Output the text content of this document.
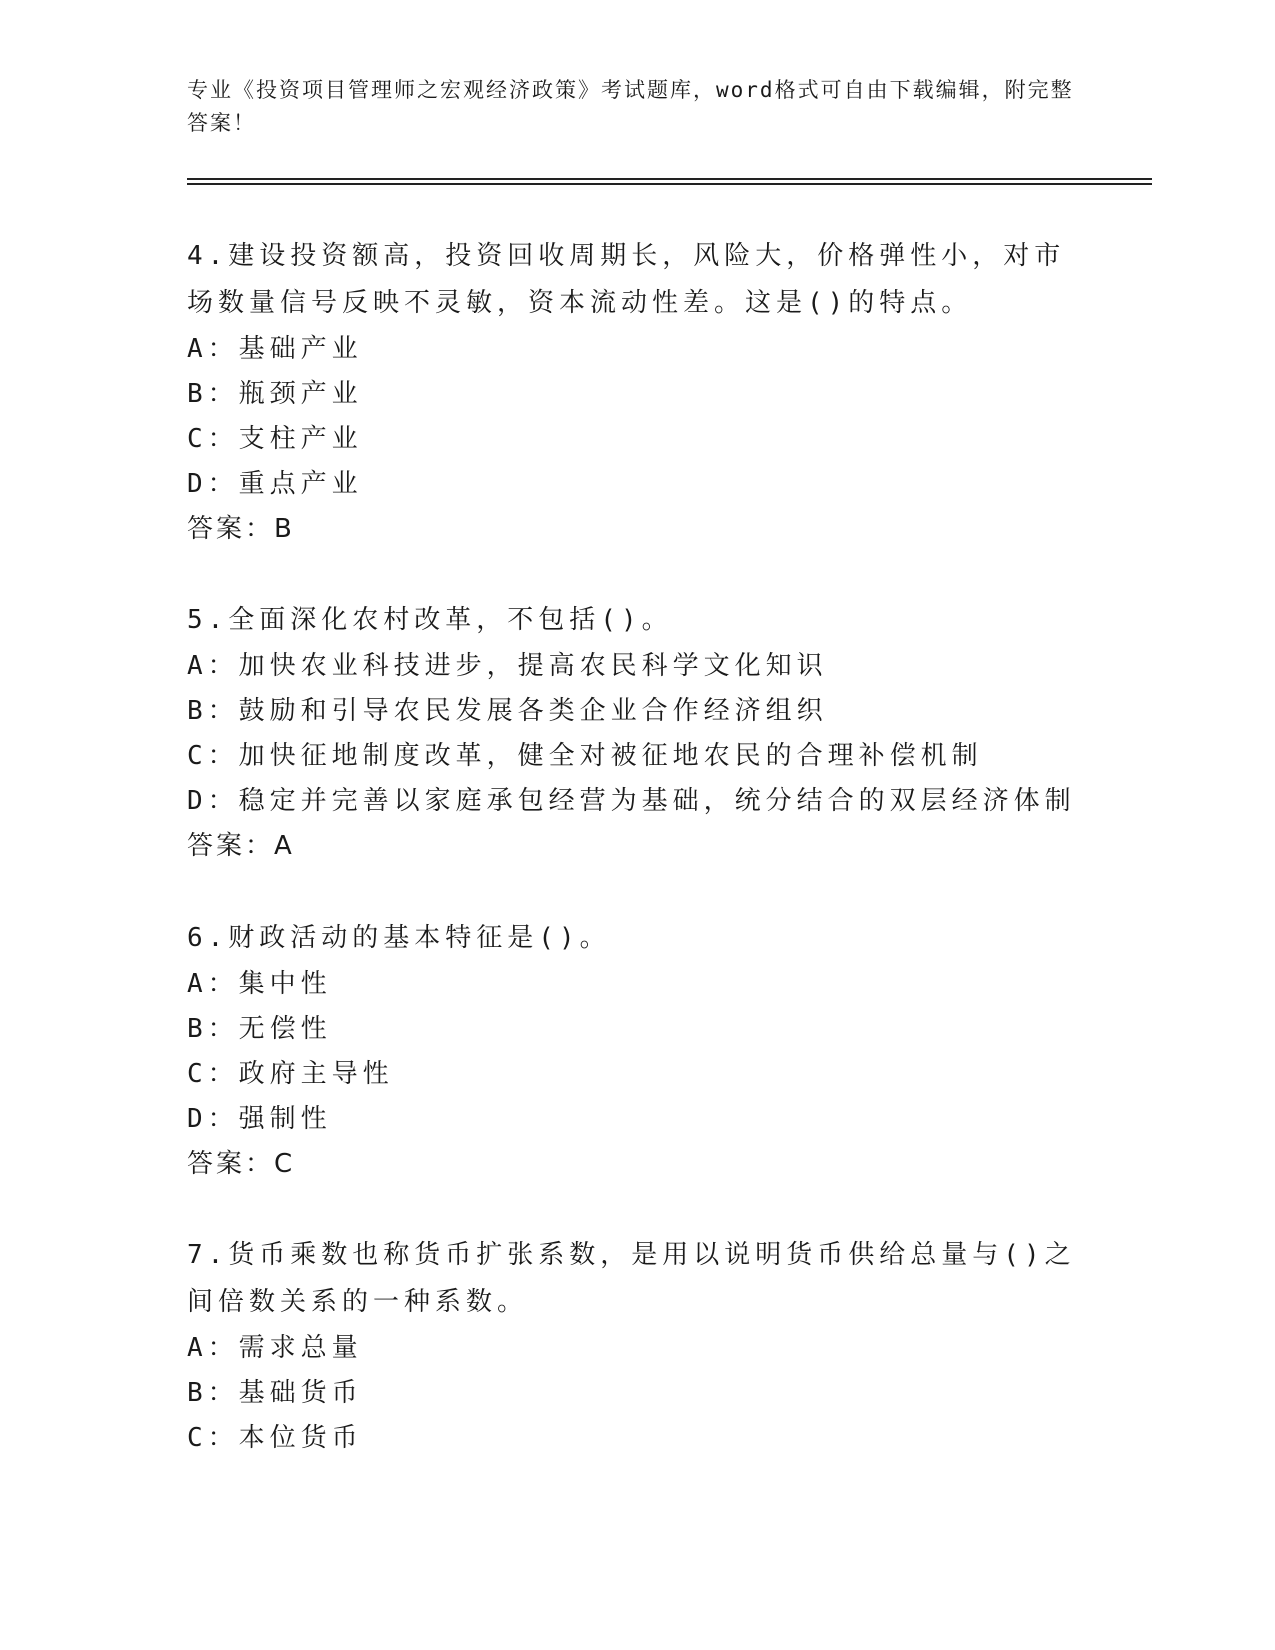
专业《投资项目管理师之宏观经济政策》考试题库，word格式可自由下载编辑，附完整答案！

4.建设投资额高，投资回收周期长，风险大，价格弹性小，对市场数量信号反映不灵敏，资本流动性差。这是()的特点。

A：基础产业

B：瓶颈产业

C：支柱产业

D：重点产业

答案：B

5.全面深化农村改革，不包括()。

A：加快农业科技进步，提高农民科学文化知识

B：鼓励和引导农民发展各类企业合作经济组织

C：加快征地制度改革，健全对被征地农民的合理补偿机制

D：稳定并完善以家庭承包经营为基础，统分结合的双层经济体制

答案：A

6.财政活动的基本特征是()。

A：集中性

B：无偿性

C：政府主导性

D：强制性

答案：C

7.货币乘数也称货币扩张系数，是用以说明货币供给总量与()之间倍数关系的一种系数。

A：需求总量

B：基础货币

C：本位货币
